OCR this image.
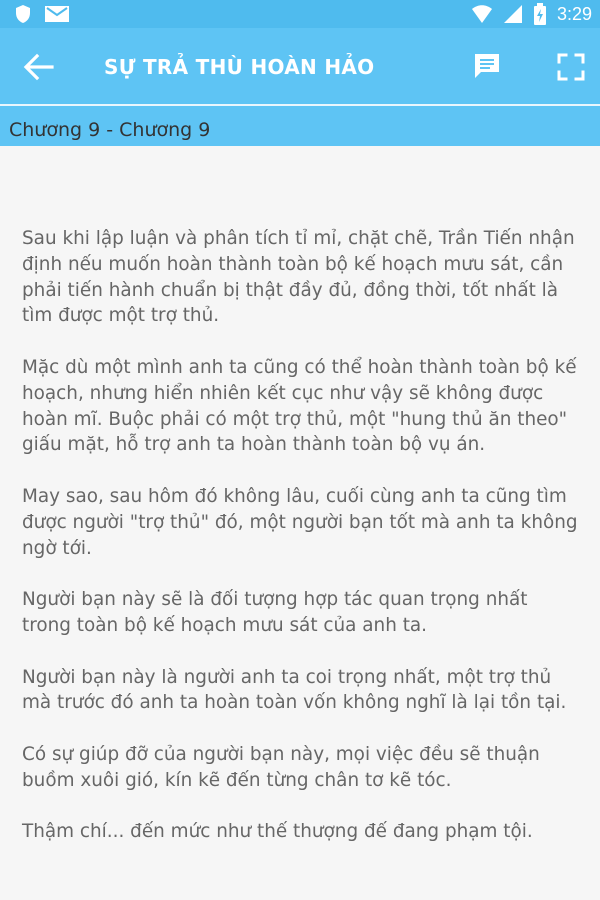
3:29
SỰ TRẢ THÙ HOÀN HẢO
Chương 9 - Chương 9

Sau khi lập luận và phân tích tỉ mỉ, chặt chẽ, Trần Tiến nhận định nếu muốn hoàn thành toàn bộ kế hoạch mưu sát, cần phải tiến hành chuẩn bị thật đầy đủ, đồng thời, tốt nhất là tìm được một trợ thủ.

Mặc dù một mình anh ta cũng có thể hoàn thành toàn bộ kế hoạch, nhưng hiển nhiên kết cục như vậy sẽ không được hoàn mĩ. Buộc phải có một trợ thủ, một "hung thủ ăn theo" giấu mặt, hỗ trợ anh ta hoàn thành toàn bộ vụ án.

May sao, sau hôm đó không lâu, cuối cùng anh ta cũng tìm được người "trợ thủ" đó, một người bạn tốt mà anh ta không ngờ tới.

Người bạn này sẽ là đối tượng hợp tác quan trọng nhất trong toàn bộ kế hoạch mưu sát của anh ta.

Người bạn này là người anh ta coi trọng nhất, một trợ thủ mà trước đó anh ta hoàn toàn vốn không nghĩ là lại tồn tại.

Có sự giúp đỡ của người bạn này, mọi việc đều sẽ thuận buồm xuôi gió, kín kẽ đến từng chân tơ kẽ tóc.

Thậm chí... đến mức như thế thượng đế đang phạm tội.
